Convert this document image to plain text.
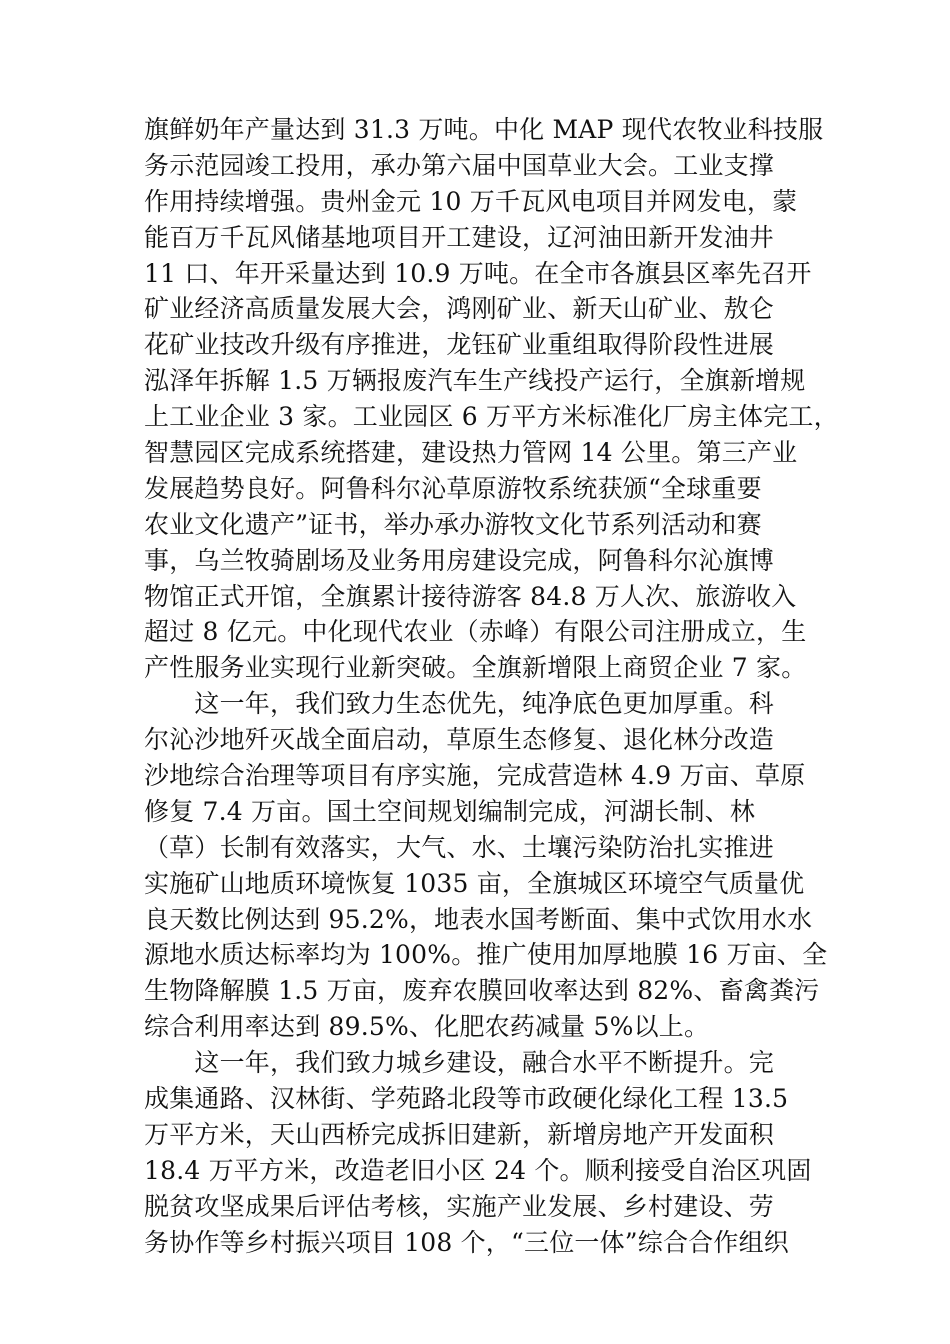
旗鲜奶年产量达到 31.3 万吨。中化 MAP 现代农牧业科技服
务示范园竣工投用，承办第六届中国草业大会。工业支撑
作用持续增强。贵州金元 10 万千瓦风电项目并网发电，蒙
能百万千瓦风储基地项目开工建设，辽河油田新开发油井
11 口、年开采量达到 10.9 万吨。在全市各旗县区率先召开
矿业经济高质量发展大会，鸿刚矿业、新天山矿业、敖仑
花矿业技改升级有序推进，龙钰矿业重组取得阶段性进展
泓泽年拆解 1.5 万辆报废汽车生产线投产运行，全旗新增规
上工业企业 3 家。工业园区 6 万平方米标准化厂房主体完工，
智慧园区完成系统搭建，建设热力管网 14 公里。第三产业
发展趋势良好。阿鲁科尔沁草原游牧系统获颁“全球重要
农业文化遗产”证书，举办承办游牧文化节系列活动和赛
事，乌兰牧骑剧场及业务用房建设完成，阿鲁科尔沁旗博
物馆正式开馆，全旗累计接待游客 84.8 万人次、旅游收入
超过 8 亿元。中化现代农业（赤峰）有限公司注册成立，生
产性服务业实现行业新突破。全旗新增限上商贸企业 7 家。
　　这一年，我们致力生态优先，纯净底色更加厚重。科
尔沁沙地歼灭战全面启动，草原生态修复、退化林分改造
沙地综合治理等项目有序实施，完成营造林 4.9 万亩、草原
修复 7.4 万亩。国土空间规划编制完成，河湖长制、林
（草）长制有效落实，大气、水、土壤污染防治扎实推进
实施矿山地质环境恢复 1035 亩，全旗城区环境空气质量优
良天数比例达到 95.2%，地表水国考断面、集中式饮用水水
源地水质达标率均为 100%。推广使用加厚地膜 16 万亩、全
生物降解膜 1.5 万亩，废弃农膜回收率达到 82%、畜禽粪污
综合利用率达到 89.5%、化肥农药减量 5%以上。
　　这一年，我们致力城乡建设，融合水平不断提升。完
成集通路、汉林街、学苑路北段等市政硬化绿化工程 13.5
万平方米，天山西桥完成拆旧建新，新增房地产开发面积
18.4 万平方米，改造老旧小区 24 个。顺利接受自治区巩固
脱贫攻坚成果后评估考核，实施产业发展、乡村建设、劳
务协作等乡村振兴项目 108 个，“三位一体”综合合作组织
